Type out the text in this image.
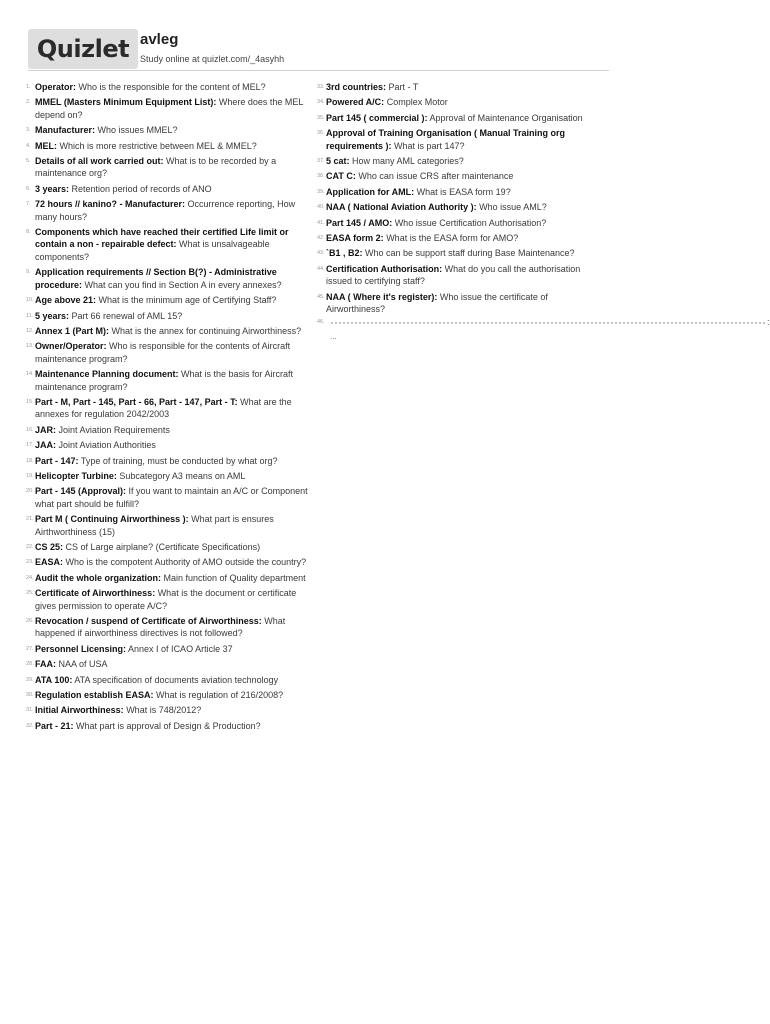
Quizlet avleg
Study online at quizlet.com/_4asyhh
1. Operator: Who is the responsible for the content of MEL?
2. MMEL (Masters Minimum Equipment List): Where does the MEL depend on?
3. Manufacturer: Who issues MMEL?
4. MEL: Which is more restrictive between MEL & MMEL?
5. Details of all work carried out: What is to be recorded by a maintenance org?
6. 3 years: Retention period of records of ANO
7. 72 hours // kanino? - Manufacturer: Occurrence reporting, How many hours?
8. Components which have reached their certified Life limit or contain a non - repairable defect: What is unsalvageable components?
9. Application requirements // Section B(?) - Administrative procedure: What can you find in Section A in every annexes?
10. Age above 21: What is the minimum age of Certifying Staff?
11. 5 years: Part 66 renewal of AML 15?
12. Annex 1 (Part M): What is the annex for continuing Airworthiness?
13. Owner/Operator: Who is responsible for the contents of Aircraft maintenance program?
14. Maintenance Planning document: What is the basis for Aircraft maintenance program?
15. Part - M, Part - 145, Part - 66, Part - 147, Part - T: What are the annexes for regulation 2042/2003
16. JAR: Joint Aviation Requirements
17. JAA: Joint Aviation Authorities
18. Part - 147: Type of training, must be conducted by what org?
19. Helicopter Turbine: Subcategory A3 means on AML
20. Part - 145 (Approval): If you want to maintain an A/C or Component what part should be fulfill?
21. Part M ( Continuing Airworthiness ): What part is ensures Airthworthiness (15)
22. CS 25: CS of Large airplane? (Certificate Specifications)
23. EASA: Who is the compotent Authority of AMO outside the country?
24. Audit the whole organization: Main function of Quality department
25. Certificate of Airworthiness: What is the document or certificate gives permission to operate A/C?
26. Revocation / suspend of Certificate of Airworthiness: What happened if airworthiness directives is not followed?
27. Personnel Licensing: Annex I of ICAO Article 37
28. FAA: NAA of USA
29. ATA 100: ATA specification of documents aviation technology
30. Regulation establish EASA: What is regulation of 216/2008?
31. Initial Airworthiness: What is 748/2012?
32. Part - 21: What part is approval of Design & Production?
33. 3rd countries: Part - T
34. Powered A/C: Complex Motor
35. Part 145 ( commercial ): Approval of Maintenance Organisation
36. Approval of Training Organisation ( Manual Training org requirements ): What is part 147?
37. 5 cat: How many AML categories?
38. CAT C: Who can issue CRS after maintenance
39. Application for AML: What is EASA form 19?
40. NAA ( National Aviation Authority ): Who issue AML?
41. Part 145 / AMO: Who issue Certification Authorisation?
42. EASA form 2: What is the EASA form for AMO?
43. `B1 , B2: Who can be support staff during Base Maintenance?
44. Certification Authorisation: What do you call the authorisation issued to certifying staff?
45. NAA ( Where it's register): Who issue the certificate of Airworthiness?
46.	:
...
